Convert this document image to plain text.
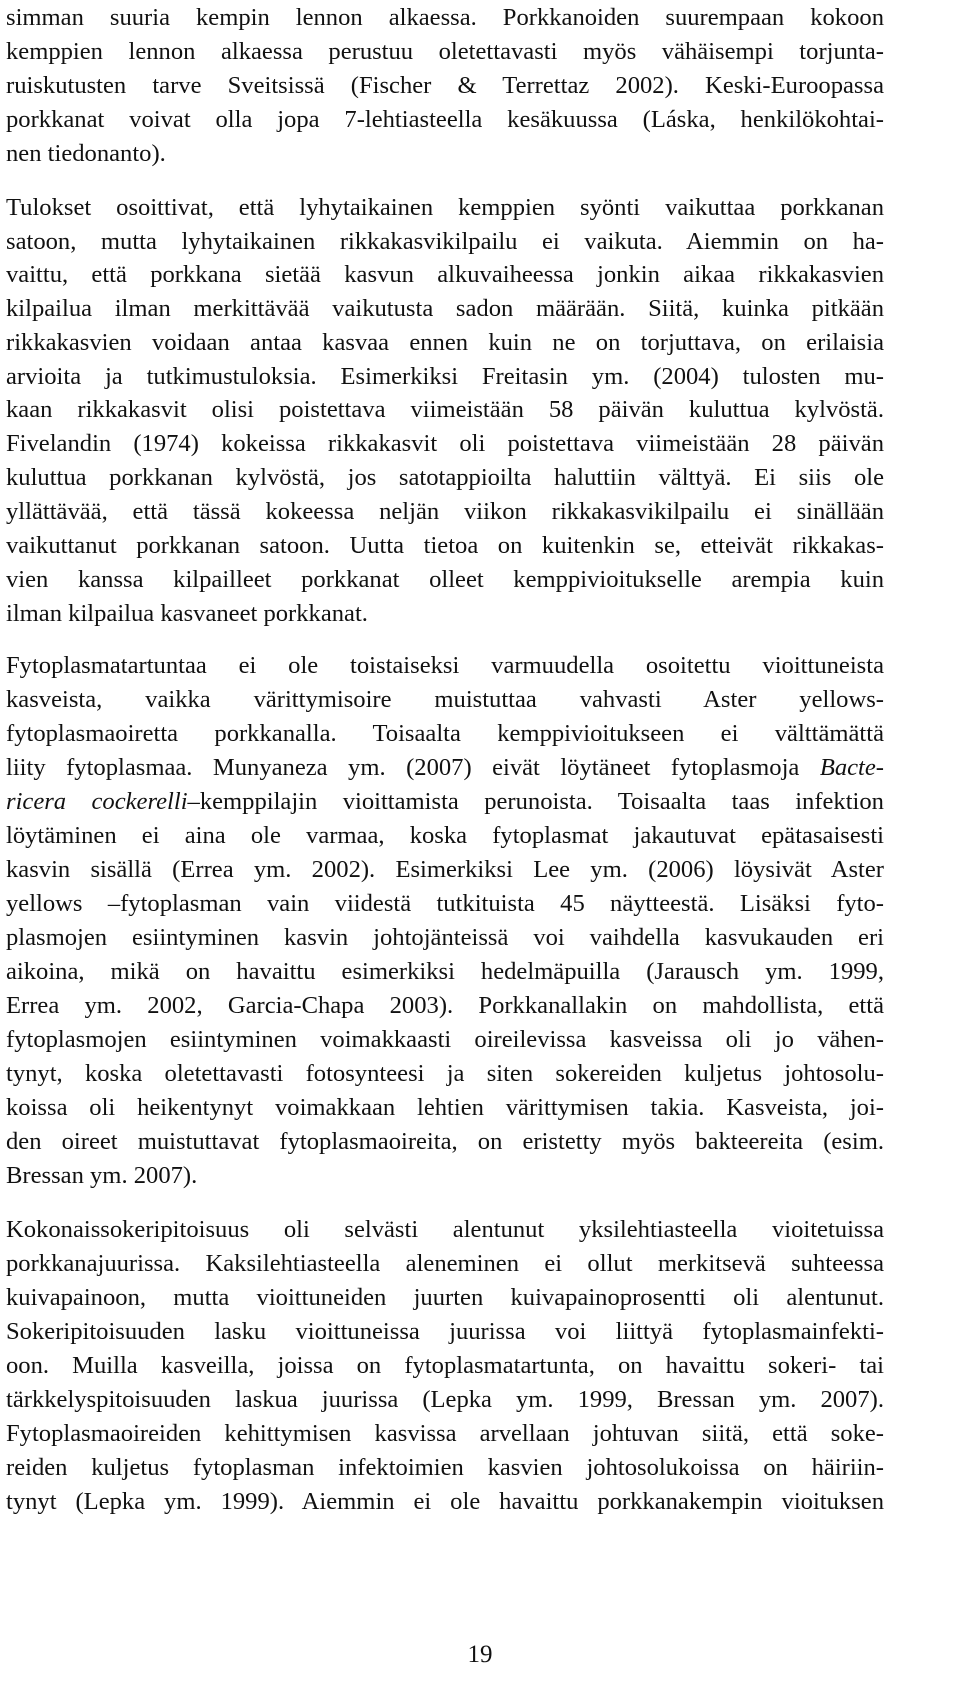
simman suuria kempin lennon alkaessa. Porkkanoiden suurempaan kokoon
kemppien lennon alkaessa perustuu oletettavasti myös vähäisempi torjunta-
ruiskutusten tarve Sveitsissä (Fischer & Terrettaz 2002). Keski-Euroopassa
porkkanat voivat olla jopa 7-lehtiasteella kesäkuussa (Láska, henkilökohtai-
nen tiedonanto).
Tulokset osoittivat, että lyhytaikainen kemppien syönti vaikuttaa porkkanan
satoon, mutta lyhytaikainen rikkakasvikilpailu ei vaikuta. Aiemmin on ha-
vaittu, että porkkana sietää kasvun alkuvaiheessa jonkin aikaa rikkakasvien
kilpailua ilman merkittävää vaikutusta sadon määrään. Siitä, kuinka pitkään
rikkakasvien voidaan antaa kasvaa ennen kuin ne on torjuttava, on erilaisia
arvioita ja tutkimustuloksia. Esimerkiksi Freitasin ym. (2004) tulosten mu-
kaan rikkakasvit olisi poistettava viimeistään 58 päivän kuluttua kylvöstä.
Fivelandin (1974) kokeissa rikkakasvit oli poistettava viimeistään 28 päivän
kuluttua porkkanan kylvöstä, jos satotappioilta haluttiin välttyä. Ei siis ole
yllättävää, että tässä kokeessa neljän viikon rikkakasvikilpailu ei sinällään
vaikuttanut porkkanan satoon. Uutta tietoa on kuitenkin se, etteivät rikkakas-
vien kanssa kilpailleet porkkanat olleet kemppivioitukselle arempia kuin
ilman kilpailua kasvaneet porkkanat.
Fytoplasmatartuntaa ei ole toistaiseksi varmuudella osoitettu vioittuneista
kasveista, vaikka värittymisoire muistuttaa vahvasti Aster yellows-
fytoplasmaoiretta porkkanalla. Toisaalta kemppivioitukseen ei välttämättä
liity fytoplasmaa. Munyaneza ym. (2007) eivät löytäneet fytoplasmoja Bacte-
ricera cockerelli–kemppilajin vioittamista perunoista. Toisaalta taas infektion
löytäminen ei aina ole varmaa, koska fytoplasmat jakautuvat epätasaisesti
kasvin sisällä (Errea ym. 2002). Esimerkiksi Lee ym. (2006) löysivät Aster
yellows –fytoplasman vain viidestä tutkituista 45 näytteestä. Lisäksi fyto-
plasmojen esiintyminen kasvin johtojänteissä voi vaihdella kasvukauden eri
aikoina, mikä on havaittu esimerkiksi hedelmäpuilla (Jarausch ym. 1999,
Errea ym. 2002, Garcia-Chapa 2003). Porkkanallakin on mahdollista, että
fytoplasmojen esiintyminen voimakkaasti oireilevissa kasveissa oli jo vähen-
tynyt, koska oletettavasti fotosynteesi ja siten sokereiden kuljetus johtosolu-
koissa oli heikentynyt voimakkaan lehtien värittymisen takia. Kasveista, joi-
den oireet muistuttavat fytoplasmaoireita, on eristetty myös bakteereita (esim.
Bressan ym. 2007).
Kokonaissokeripitoisuus oli selvästi alentunut yksilehtiasteella vioitetuissa
porkkanajuurissa. Kaksilehtiasteella aleneminen ei ollut merkitsevä suhteessa
kuivapainoon, mutta vioittuneiden juurten kuivapainoprosentti oli alentunut.
Sokeripitoisuuden lasku vioittuneissa juurissa voi liittyä fytoplasmainfekti-
oon. Muilla kasveilla, joissa on fytoplasmatartunta, on havaittu sokeri- tai
tärkkelyspitoisuuden laskua juurissa (Lepka ym. 1999, Bressan ym. 2007).
Fytoplasmaoireiden kehittymisen kasvissa arvellaan johtuvan siitä, että soke-
reiden kuljetus fytoplasman infektoimien kasvien johtosolukoissa on häiriin-
tynyt (Lepka ym. 1999). Aiemmin ei ole havaittu porkkanakempin vioituksen
19
